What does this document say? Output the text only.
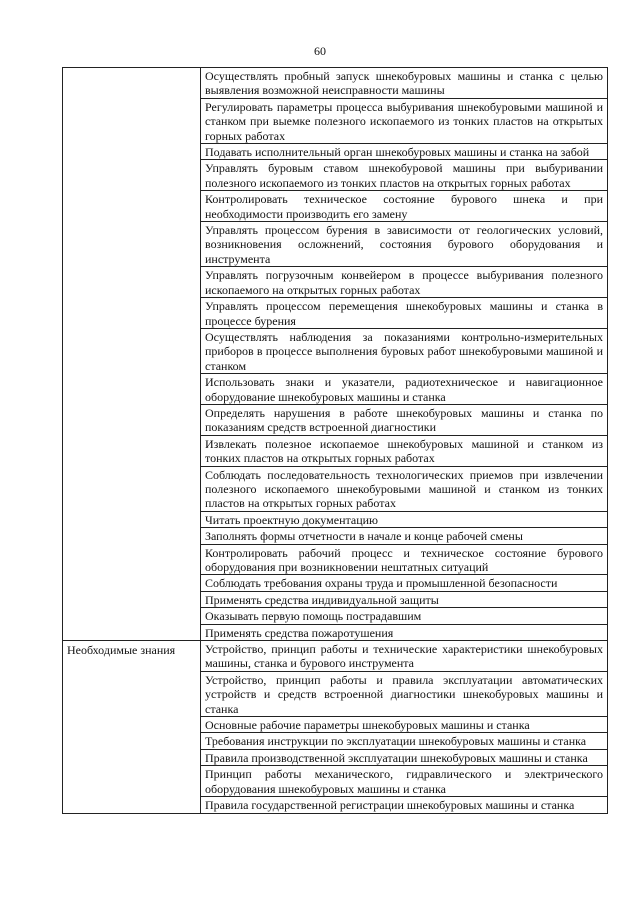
60
Осуществлять пробный запуск шнекобуровых машины и станка с целью выявления возможной неисправности машины
Регулировать параметры процесса выбуривания шнекобуровыми машиной и станком при выемке полезного ископаемого из тонких пластов на открытых горных работах
Подавать исполнительный орган шнекобуровых машины и станка на забой
Управлять буровым ставом шнекобуровой машины при выбуривании полезного ископаемого из тонких пластов на открытых горных работах
Контролировать техническое состояние бурового шнека и при необходимости производить его замену
Управлять процессом бурения в зависимости от геологических условий, возникновения осложнений, состояния бурового оборудования и инструмента
Управлять погрузочным конвейером в процессе выбуривания полезного ископаемого на открытых горных работах
Управлять процессом перемещения шнекобуровых машины и станка в процессе бурения
Осуществлять наблюдения за показаниями контрольно-измерительных приборов в процессе выполнения буровых работ шнекобуровыми машиной и станком
Использовать знаки и указатели, радиотехническое и навигационное оборудование шнекобуровых машины и станка
Определять нарушения в работе шнекобуровых машины и станка по показаниям средств встроенной диагностики
Извлекать полезное ископаемое шнекобуровых машиной и станком из тонких пластов на открытых горных работах
Соблюдать последовательность технологических приемов при извлечении полезного ископаемого шнекобуровыми машиной и станком из тонких пластов на открытых горных работах
Читать проектную документацию
Заполнять формы отчетности в начале и конце рабочей смены
Контролировать рабочий процесс и техническое состояние бурового оборудования при возникновении нештатных ситуаций
Соблюдать требования охраны труда и промышленной безопасности
Применять средства индивидуальной защиты
Оказывать первую помощь пострадавшим
Применять средства пожаротушения
Необходимые знания	Устройство, принцип работы и технические характеристики шнекобуровых машины, станка и бурового инструмента
Устройство, принцип работы и правила эксплуатации автоматических устройств и средств встроенной диагностики шнекобуровых машины и станка
Основные рабочие параметры шнекобуровых машины и станка
Требования инструкции по эксплуатации шнекобуровых машины и станка
Правила производственной эксплуатации шнекобуровых машины и станка
Принцип работы механического, гидравлического и электрического оборудования шнекобуровых машины и станка
Правила государственной регистрации шнекобуровых машины и станка
